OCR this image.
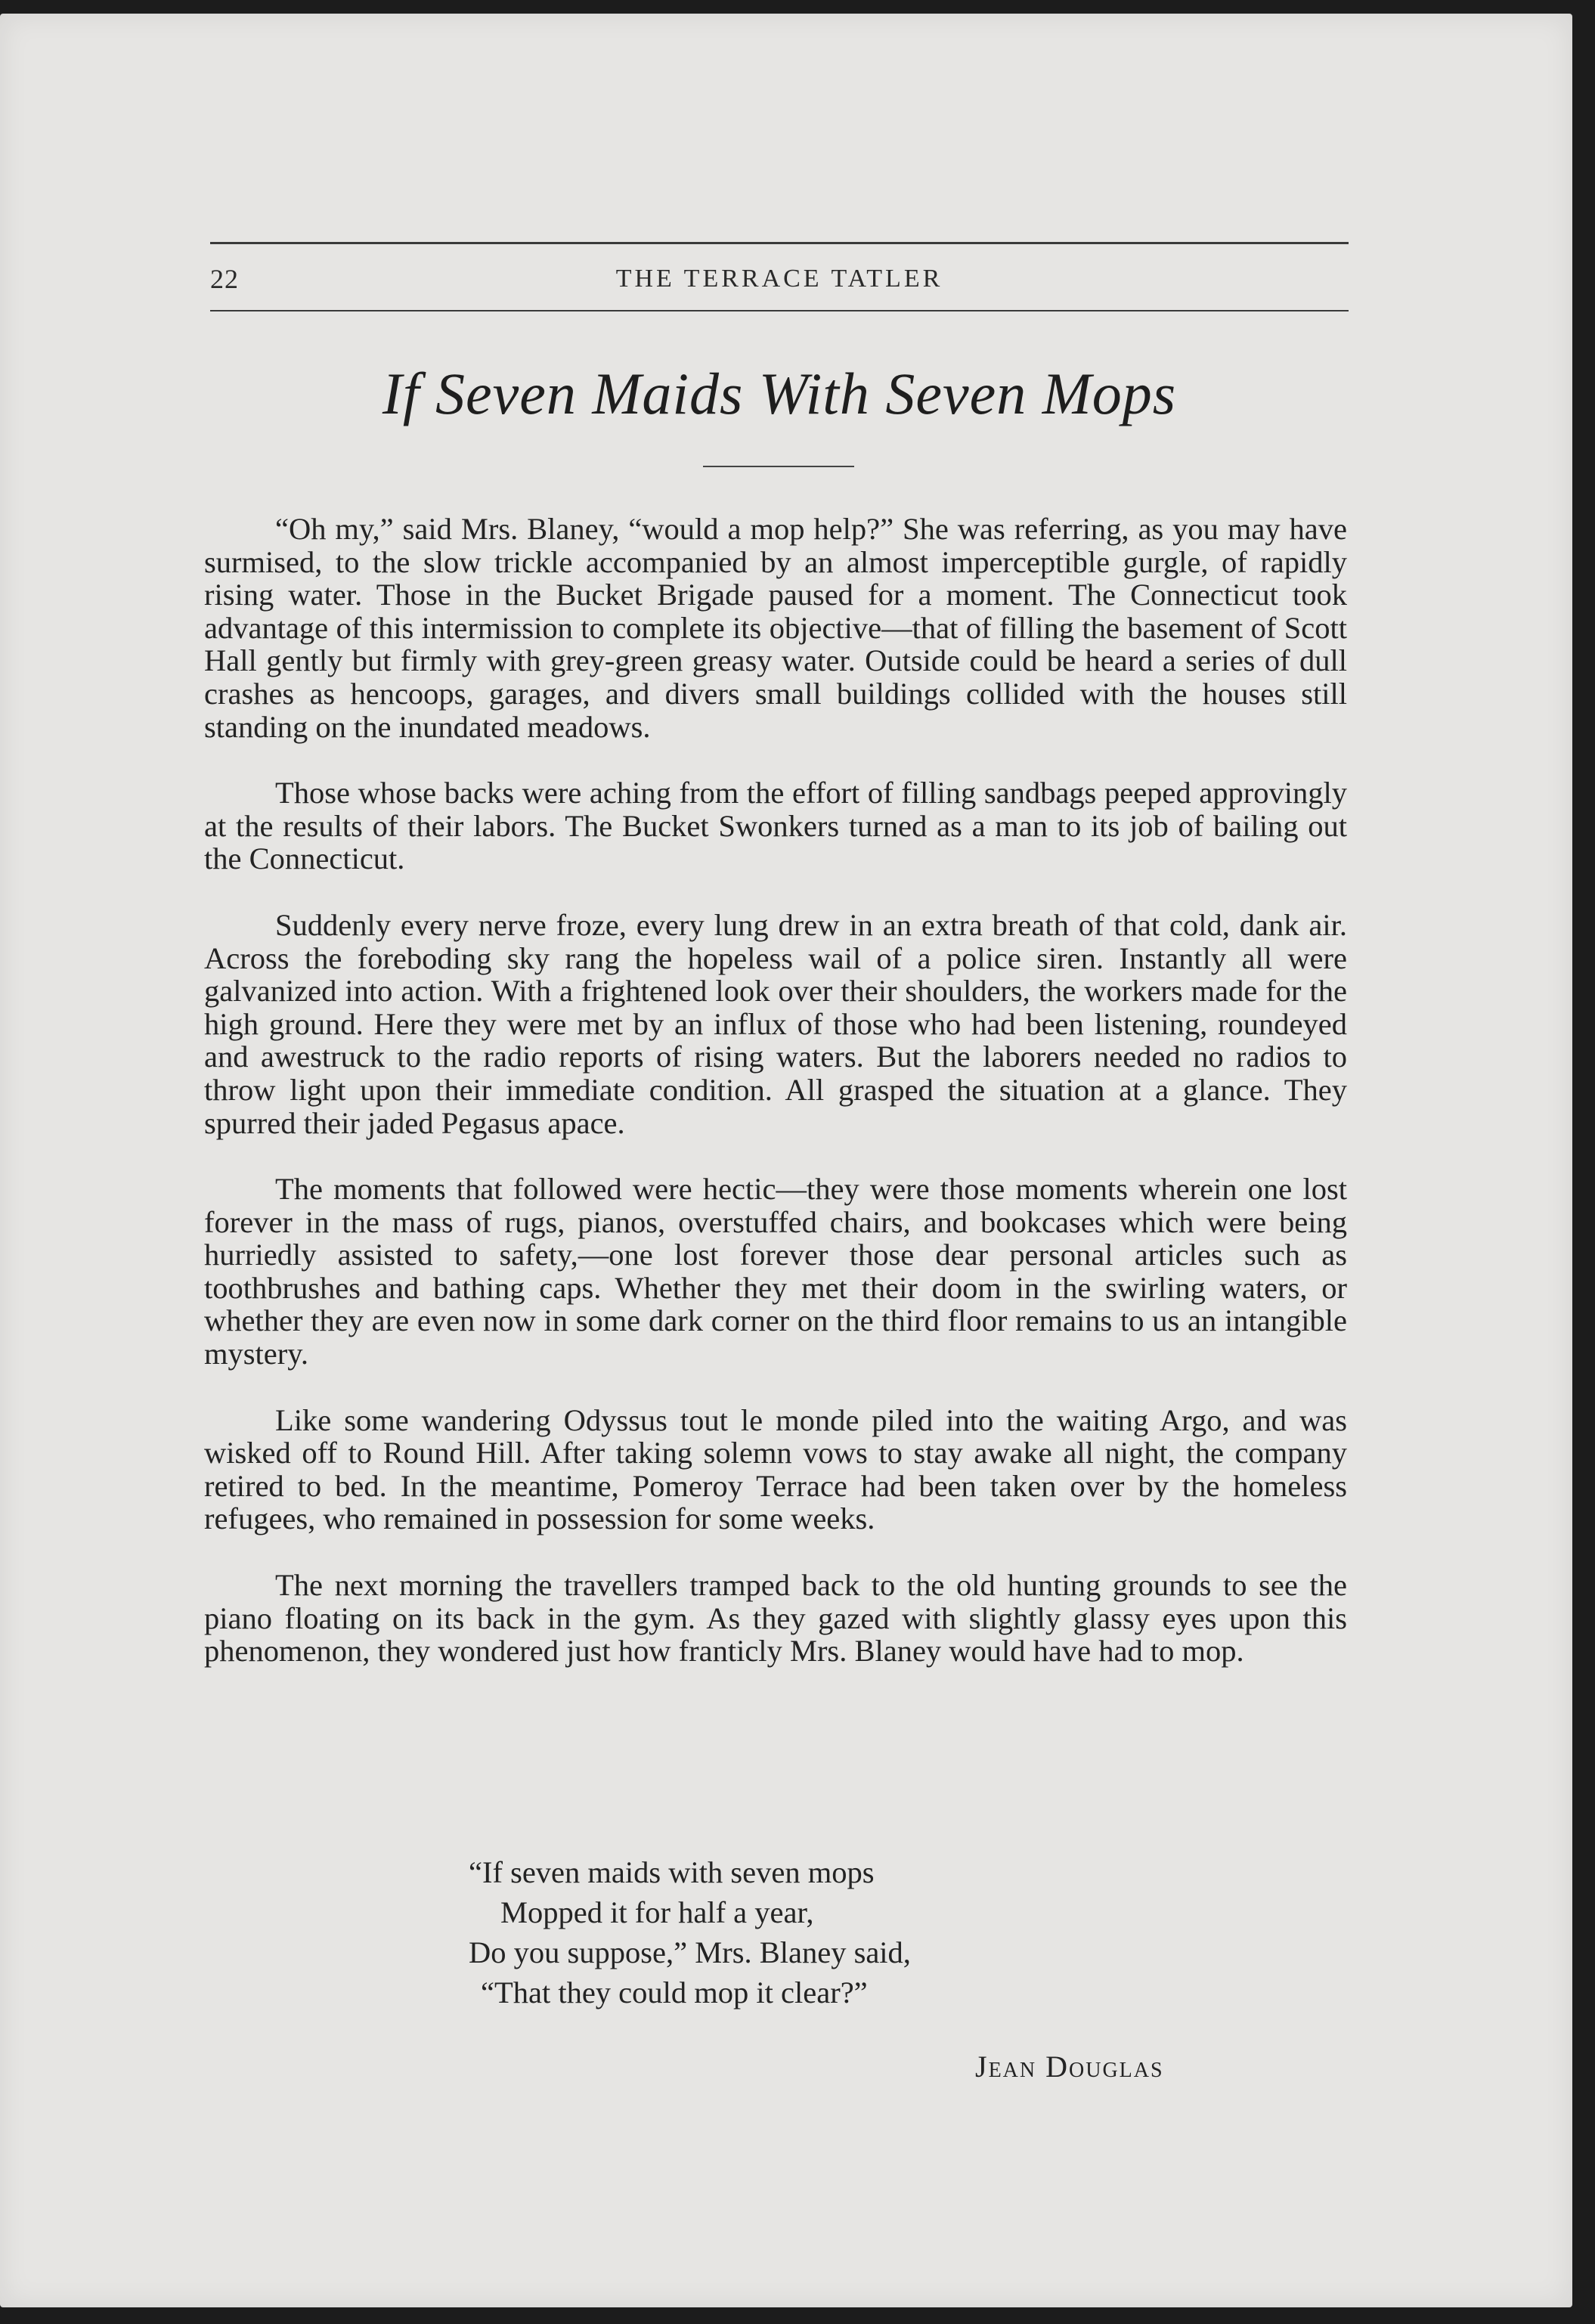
22	THE TERRACE TATLER
If Seven Maids With Seven Mops

“Oh my,” said Mrs. Blaney, “would a mop help?” She was referring, as you may have surmised, to the slow trickle accompanied by an almost imperceptible gurgle, of rapidly rising water. Those in the Bucket Brigade paused for a moment. The Connecticut took advantage of this intermission to complete its objective—that of filling the basement of Scott Hall gently but firmly with grey-green greasy water. Outside could be heard a series of dull crashes as hencoops, garages, and divers small buildings collided with the houses still standing on the inundated meadows.

Those whose backs were aching from the effort of filling sandbags peeped approvingly at the results of their labors. The Bucket Swonkers turned as a man to its job of bailing out the Connecticut.

Suddenly every nerve froze, every lung drew in an extra breath of that cold, dank air. Across the foreboding sky rang the hopeless wail of a police siren. Instantly all were galvanized into action. With a frightened look over their shoulders, the workers made for the high ground. Here they were met by an influx of those who had been listening, roundeyed and awestruck to the radio reports of rising waters. But the laborers needed no radios to throw light upon their immediate condition. All grasped the situation at a glance. They spurred their jaded Pegasus apace.

The moments that followed were hectic—they were those moments wherein one lost forever in the mass of rugs, pianos, overstuffed chairs, and bookcases which were being hurriedly assisted to safety,—one lost forever those dear personal articles such as toothbrushes and bathing caps. Whether they met their doom in the swirling waters, or whether they are even now in some dark corner on the third floor remains to us an intangible mystery.

Like some wandering Odyssus tout le monde piled into the waiting Argo, and was wisked off to Round Hill. After taking solemn vows to stay awake all night, the company retired to bed. In the meantime, Pomeroy Terrace had been taken over by the homeless refugees, who remained in possession for some weeks.

The next morning the travellers tramped back to the old hunting grounds to see the piano floating on its back in the gym. As they gazed with slightly glassy eyes upon this phenomenon, they wondered just how franticly Mrs. Blaney would have had to mop.

“If seven maids with seven mops
Mopped it for half a year,
Do you suppose,” Mrs. Blaney said,
“That they could mop it clear?”
Jean Douglas
